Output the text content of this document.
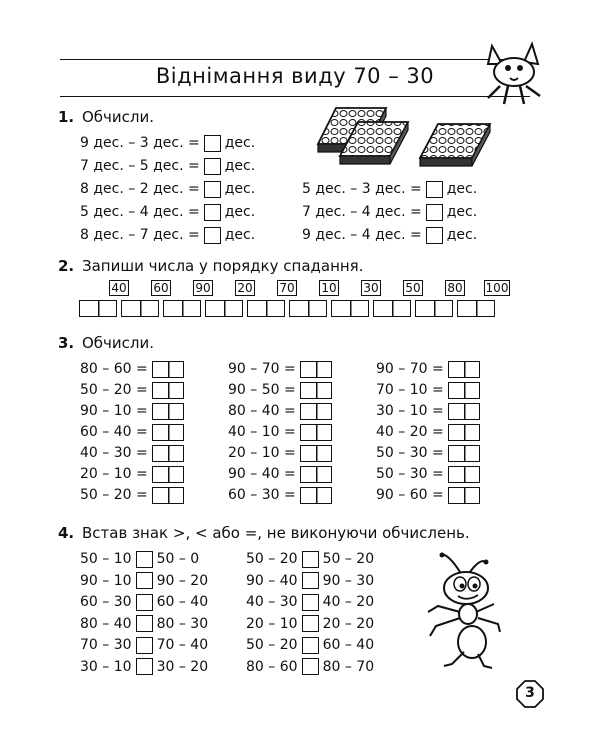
Віднімання виду 70 – 30
1. Обчисли.
9 дес. – 3 дес. = дес.
7 дес. – 5 дес. = дес.
8 дес. – 2 дес. = дес.
5 дес. – 4 дес. = дес.
8 дес. – 7 дес. = дес.
5 дес. – 3 дес. = дес.
7 дес. – 4 дес. = дес.
9 дес. – 4 дес. = дес.
2. Запиши числа у порядку спадання.
40 60 90 20 70 10 30 50 80 100
3. Обчисли.
80 – 60 =
50 – 20 =
90 – 10 =
60 – 40 =
40 – 30 =
20 – 10 =
50 – 20 =
90 – 70 =
90 – 50 =
80 – 40 =
40 – 10 =
20 – 10 =
90 – 40 =
60 – 30 =
90 – 70 =
70 – 10 =
30 – 10 =
40 – 20 =
50 – 30 =
50 – 30 =
90 – 60 =
4. Встав знак >, < або =, не виконуючи обчислень.
50 – 10 50 – 0
90 – 10 90 – 20
60 – 30 60 – 40
80 – 40 80 – 30
70 – 30 70 – 40
30 – 10 30 – 20
50 – 20 50 – 20
90 – 40 90 – 30
40 – 30 40 – 20
20 – 10 20 – 20
50 – 20 60 – 40
80 – 60 80 – 70
3
